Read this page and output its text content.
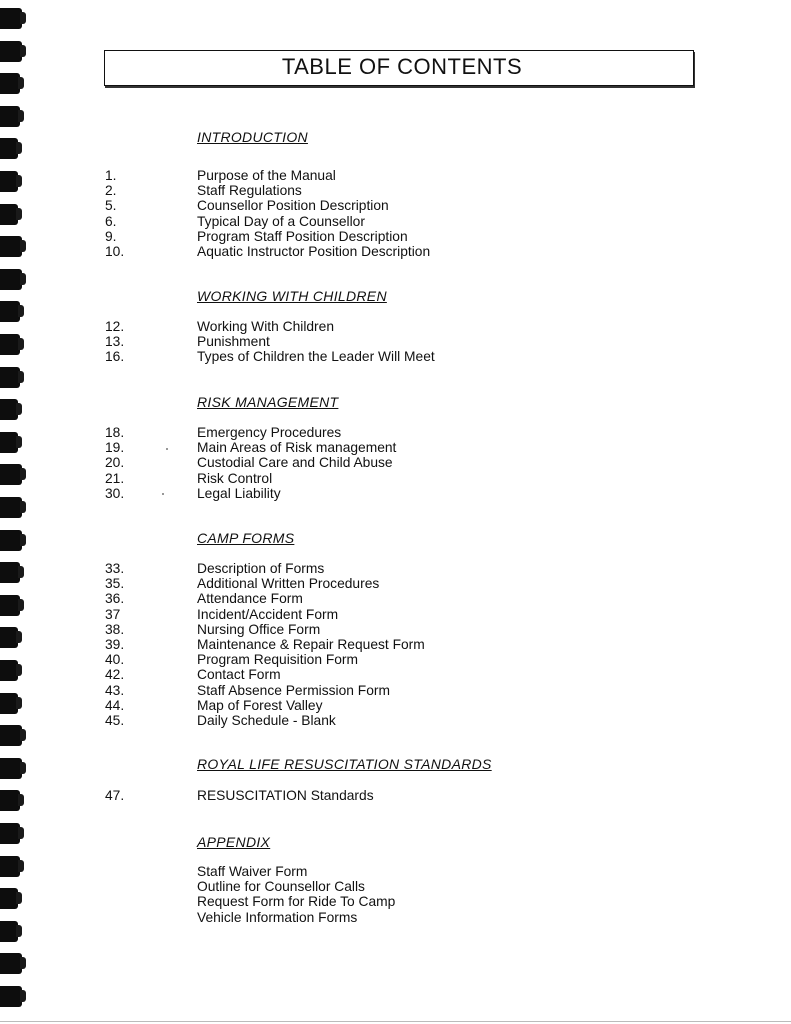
TABLE OF CONTENTS
INTRODUCTION
1.	Purpose of the Manual
2.	Staff Regulations
5.	Counsellor Position Description
6.	Typical Day of a Counsellor
9.	Program Staff Position Description
10.	Aquatic Instructor Position Description
WORKING WITH CHILDREN
12.	Working With Children
13.	Punishment
16.	Types of Children the Leader Will Meet
RISK MANAGEMENT
18.	Emergency Procedures
19.	Main Areas of Risk management
20.	Custodial Care and Child Abuse
21.	Risk Control
30.	Legal Liability
CAMP FORMS
33.	Description of Forms
35.	Additional Written Procedures
36.	Attendance Form
37	Incident/Accident Form
38.	Nursing Office Form
39.	Maintenance & Repair Request Form
40.	Program Requisition Form
42.	Contact Form
43.	Staff Absence Permission Form
44.	Map of Forest Valley
45.	Daily Schedule - Blank
ROYAL LIFE RESUSCITATION STANDARDS
47.	RESUSCITATION Standards
APPENDIX
Staff Waiver Form
Outline for Counsellor Calls
Request Form for Ride To Camp
Vehicle Information Forms
